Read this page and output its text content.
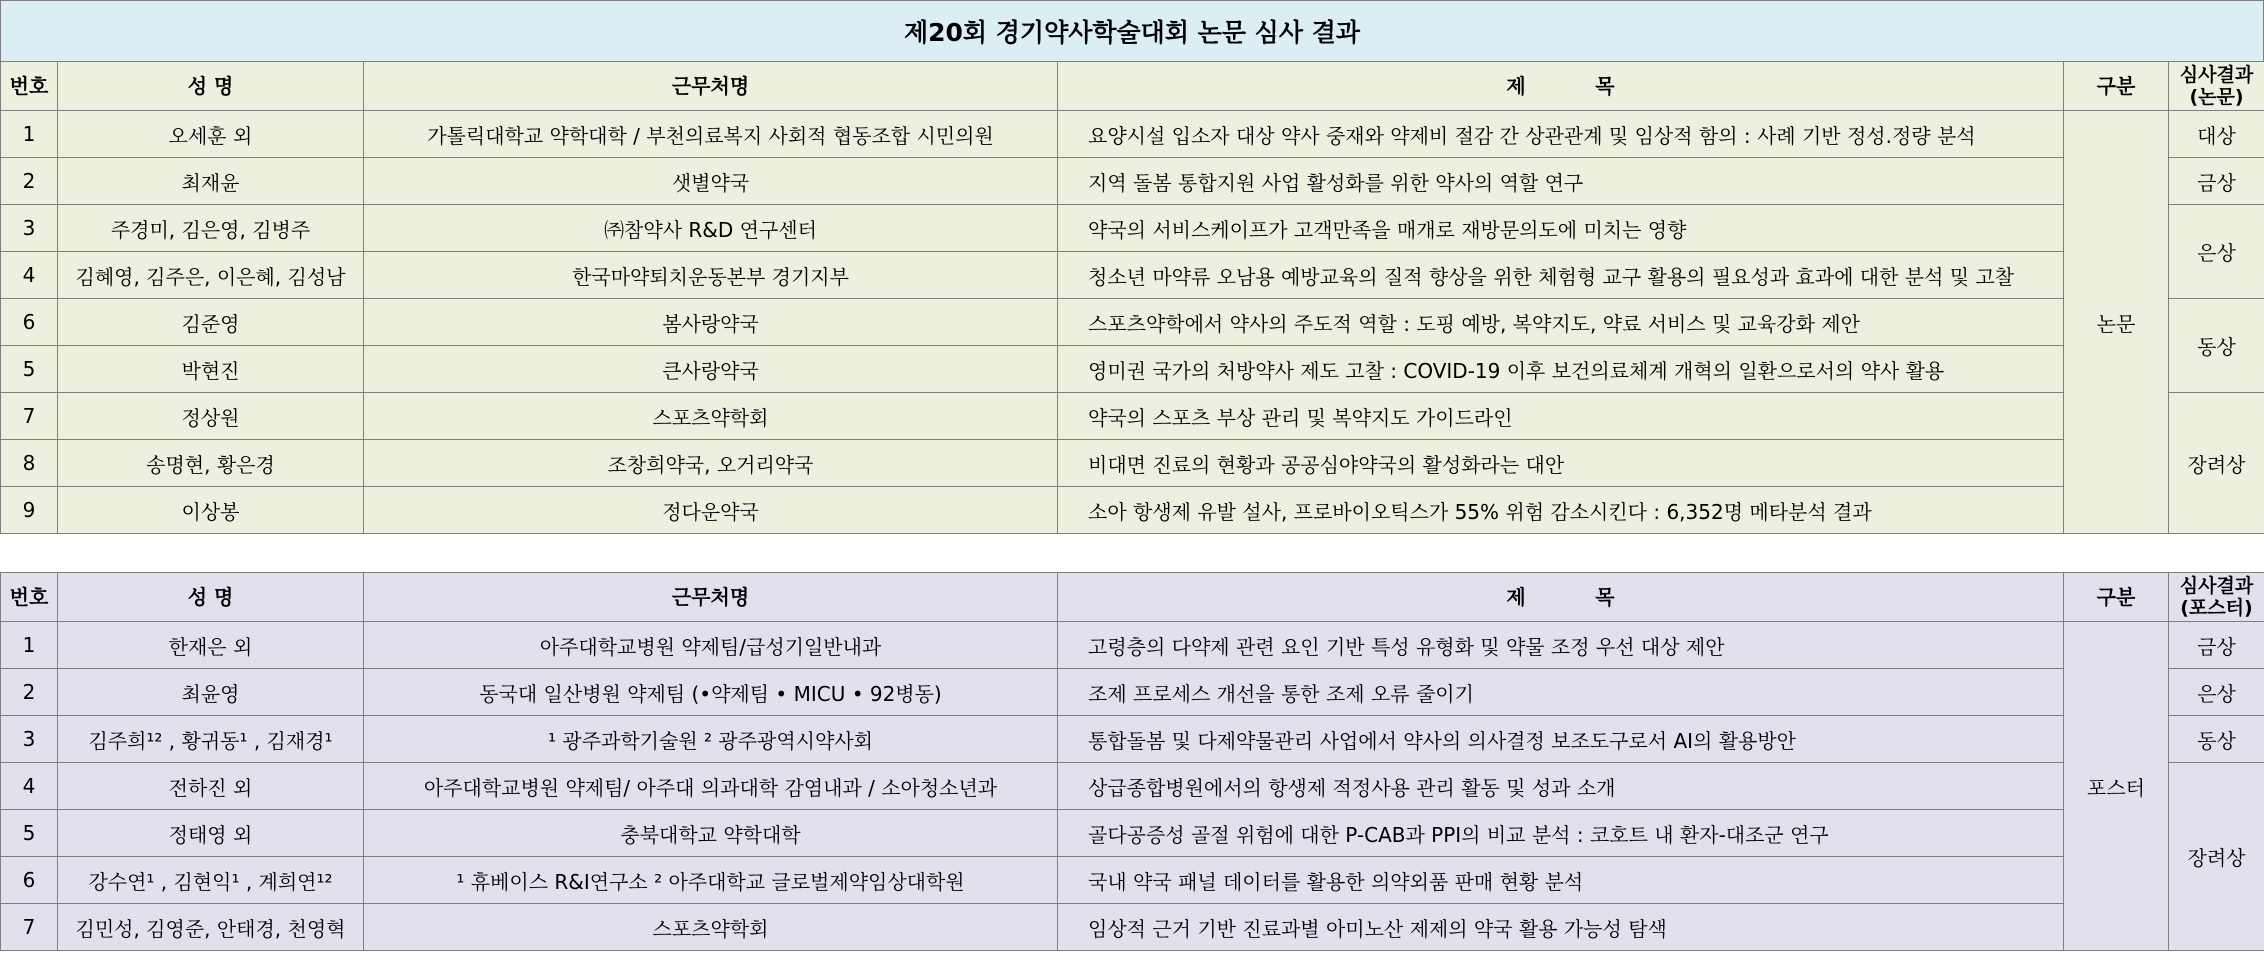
제20회 경기약사학술대회 논문 심사 결과
번호	성 명	근무처명	제          목	구분	심사결과 (논문)
1	오세훈 외	가톨릭대학교 약학대학 / 부천의료복지 사회적 협동조합 시민의원	요양시설 입소자 대상 약사 중재와 약제비 절감 간 상관관계 및 임상적 함의 : 사례 기반 정성.정량 분석	논문	대상
2	최재윤	샛별약국	지역 돌봄 통합지원 사업 활성화를 위한 약사의 역할 연구		금상
3	주경미, 김은영, 김병주	㈜참약사 R&D 연구센터	약국의 서비스케이프가 고객만족을 매개로 재방문의도에 미치는 영향		은상
4	김혜영, 김주은, 이은혜, 김성남	한국마약퇴치운동본부 경기지부	청소년 마약류 오남용 예방교육의 질적 향상을 위한 체험형 교구 활용의 필요성과 효과에 대한 분석 및 고찰		
6	김준영	봄사랑약국	스포츠약학에서 약사의 주도적 역할 : 도핑 예방, 복약지도, 약료 서비스 및 교육강화 제안		동상
5	박현진	큰사랑약국	영미권 국가의 처방약사 제도 고찰 : COVID-19 이후 보건의료체계 개혁의 일환으로서의 약사 활용		
7	정상원	스포츠약학회	약국의 스포츠 부상 관리 및 복약지도 가이드라인		장려상
8	송명현, 황은경	조창희약국, 오거리약국	비대면 진료의 현황과 공공심야약국의 활성화라는 대안		
9	이상봉	정다운약국	소아 항생제 유발 설사, 프로바이오틱스가 55% 위험 감소시킨다 : 6,352명 메타분석 결과		
번호	성 명	근무처명	제          목	구분	심사결과 (포스터)
1	한재은 외	아주대학교병원 약제팀/급성기일반내과	고령층의 다약제 관련 요인 기반 특성 유형화 및 약물 조정 우선 대상 제안	포스터	금상
2	최윤영	동국대 일산병원 약제팀 (•약제팀 • MICU • 92병동)	조제 프로세스 개선을 통한 조제 오류 줄이기		은상
3	김주희¹² , 황귀동¹ , 김재경¹	¹ 광주과학기술원 ² 광주광역시약사회	통합돌봄 및 다제약물관리 사업에서 약사의 의사결정 보조도구로서 AI의 활용방안		동상
4	전하진 외	아주대학교병원 약제팀/ 아주대 의과대학 감염내과 / 소아청소년과	상급종합병원에서의 항생제 적정사용 관리 활동 및 성과 소개		장려상
5	정태영 외	충북대학교 약학대학	골다공증성 골절 위험에 대한 P-CAB과 PPI의 비교 분석 : 코호트 내 환자-대조군 연구		
6	강수연¹ , 김현익¹ , 계희연¹²	¹ 휴베이스 R&I연구소 ² 아주대학교 글로벌제약임상대학원	국내 약국 패널 데이터를 활용한 의약외품 판매 현황 분석		
7	김민성, 김영준, 안태경, 천영혁	스포츠약학회	임상적 근거 기반 진료과별 아미노산 제제의 약국 활용 가능성 탐색		
